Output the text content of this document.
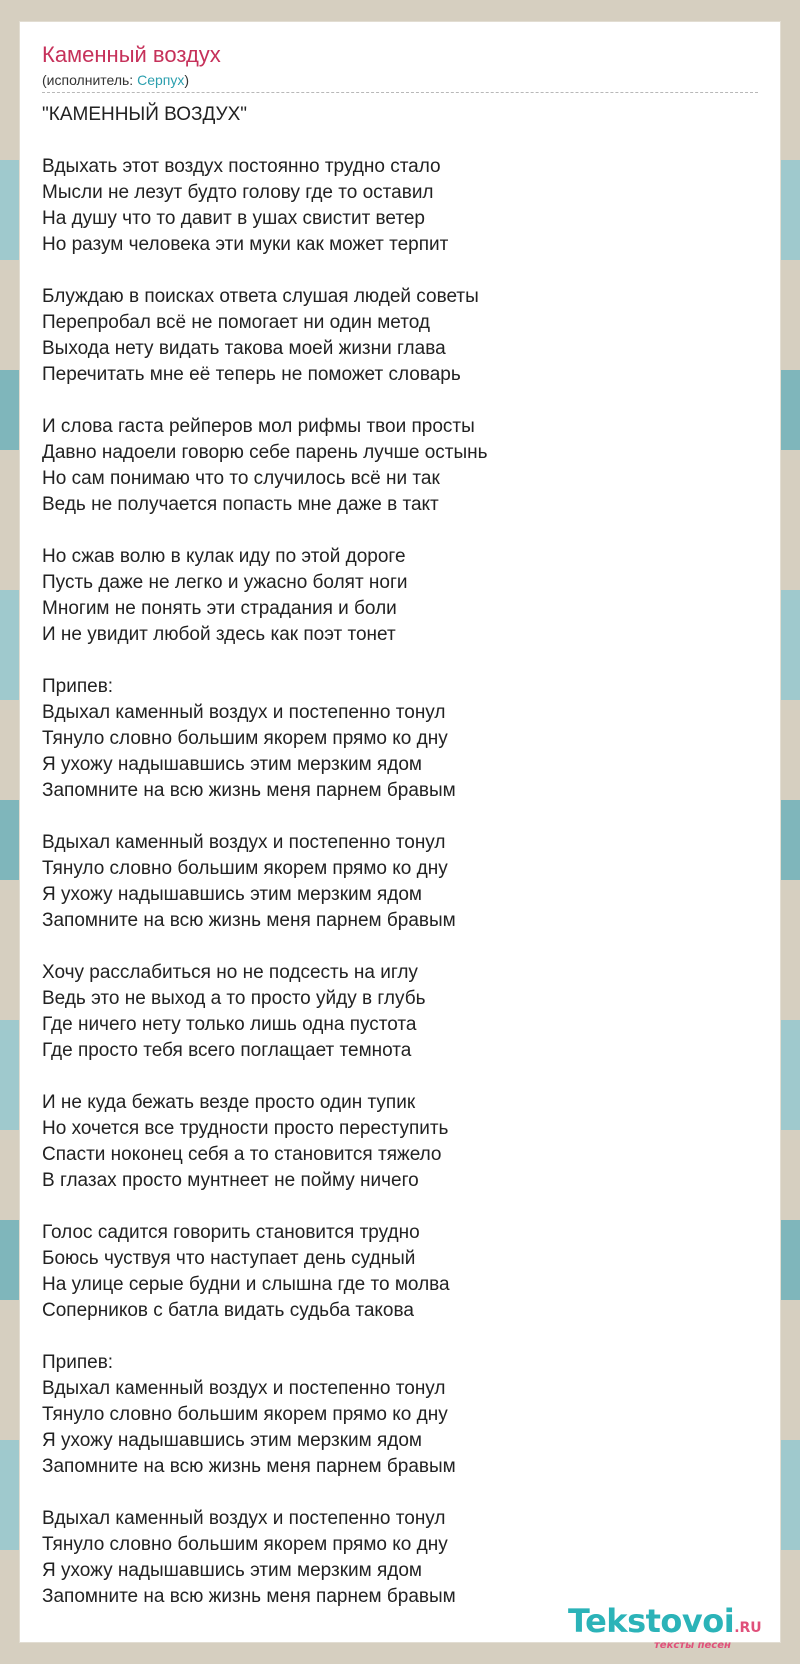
Каменный воздух
(исполнитель: Серпух)
"КАМЕННЫЙ ВОЗДУХ"
Вдыхать этот воздух постоянно трудно стало
Мысли не лезут будто голову где то оставил
На душу что то давит в ушах свистит ветер
Но разум человека эти муки как может терпит
Блуждаю в поисках ответа слушая людей советы
Перепробал всё не помогает ни один метод
Выхода нету видать такова моей жизни глава
Перечитать мне её теперь не поможет словарь
И слова гаста рейперов мол рифмы твои просты
Давно надоели говорю себе парень лучше остынь
Но сам понимаю что то случилось всё ни так
Ведь не получается попасть мне даже в такт
Но сжав волю в кулак иду по этой дороге
Пусть даже не легко и ужасно болят ноги
Многим не понять эти страдания и боли
И не увидит любой здесь как поэт тонет
Припев:
Вдыхал каменный воздух и постепенно тонул
Тянуло словно большим якорем прямо ко дну
Я ухожу надышавшись этим мерзким ядом
Запомните на всю жизнь меня парнем бравым
Вдыхал каменный воздух и постепенно тонул
Тянуло словно большим якорем прямо ко дну
Я ухожу надышавшись этим мерзким ядом
Запомните на всю жизнь меня парнем бравым
Хочу расслабиться но не подсесть на иглу
Ведь это не выход а то просто уйду в глубь
Где ничего нету только лишь одна пустота
Где просто тебя всего поглащает темнота
И не куда бежать везде просто один тупик
Но хочется все трудности просто переступить
Спасти ноконец себя а то становится тяжело
В глазах просто мунтнеет не пойму ничего
Голос садится говорить становится трудно
Боюсь чуствуя что наступает день судный
На улице серые будни и слышна где то молва
Соперников с батла видать судьба такова
Припев:
Вдыхал каменный воздух и постепенно тонул
Тянуло словно большим якорем прямо ко дну
Я ухожу надышавшись этим мерзким ядом
Запомните на всю жизнь меня парнем бравым
Вдыхал каменный воздух и постепенно тонул
Тянуло словно большим якорем прямо ко дну
Я ухожу надышавшись этим мерзким ядом
Запомните на всю жизнь меня парнем бравым
Tekstovoi.RU
тексты песен
